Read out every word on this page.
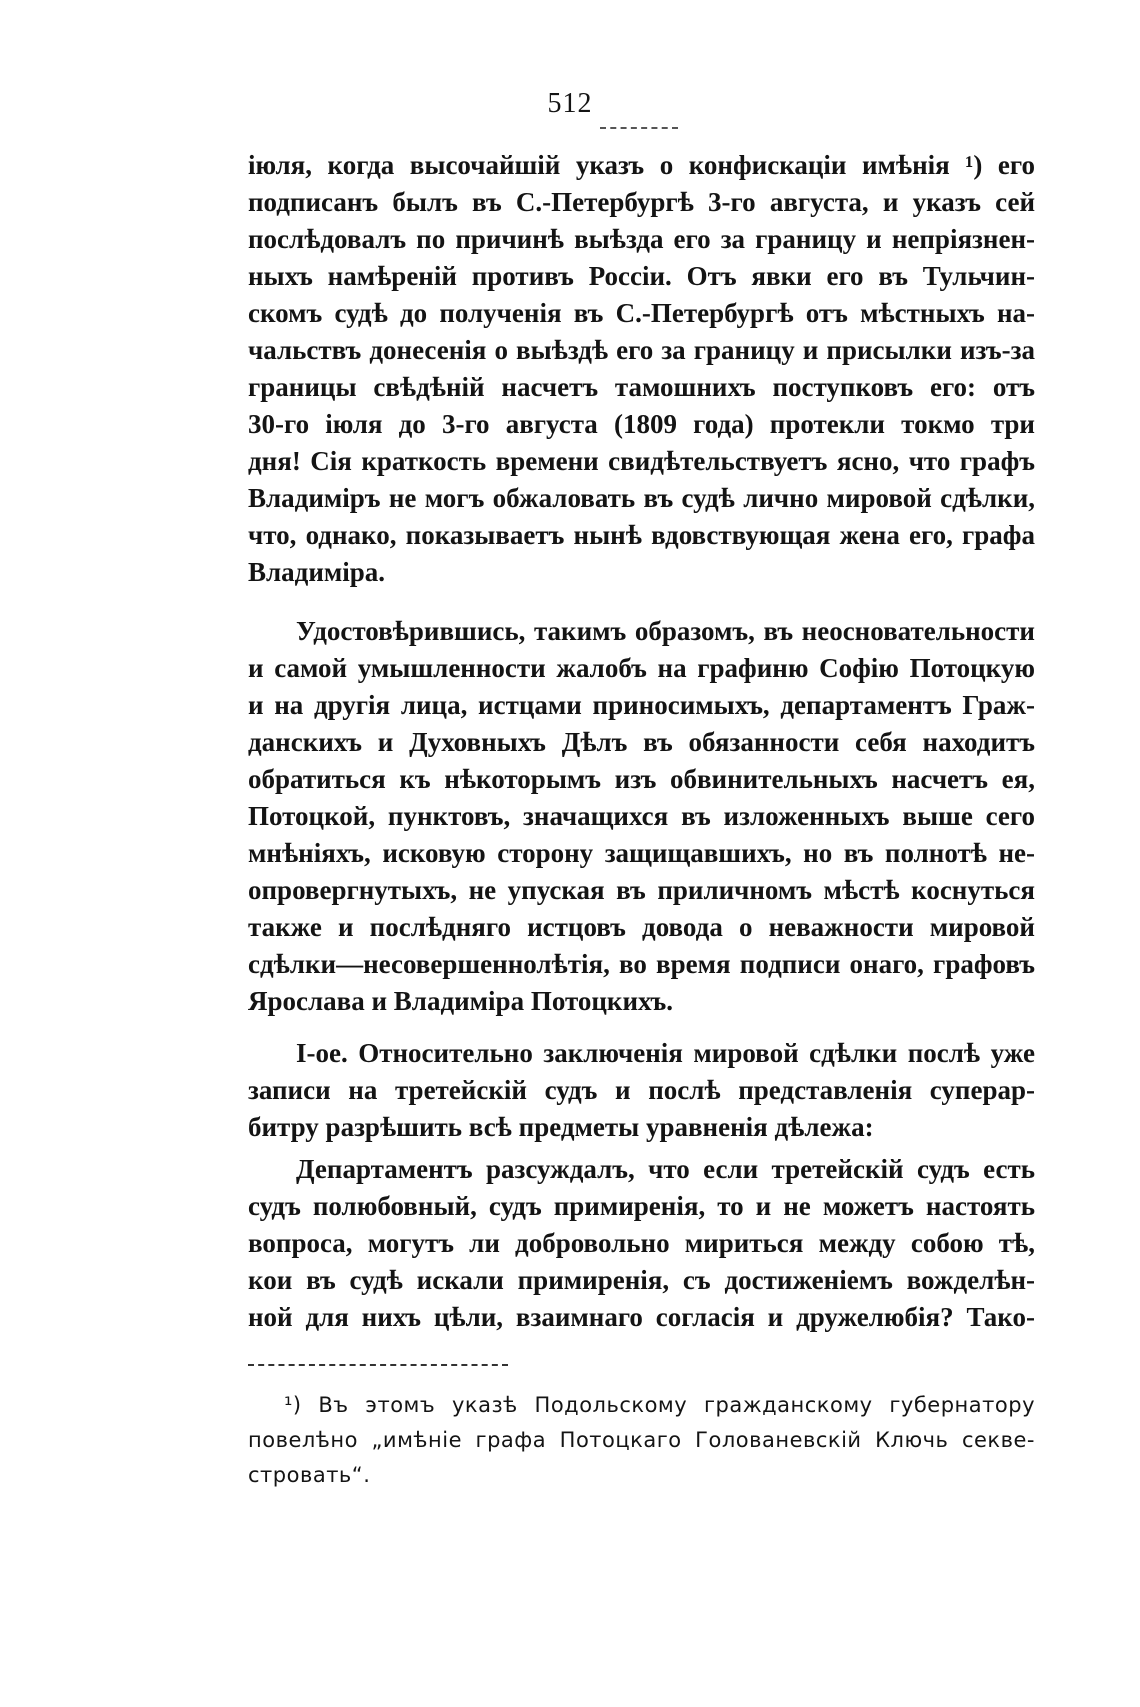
512
іюля, когда высочайшій указъ о конфискаціи имѣнія ¹) его
подписанъ былъ въ С.-Петербургѣ 3-го августа, и указъ сей
послѣдовалъ по причинѣ выѣзда его за границу и непріязнен-
ныхъ намѣреній противъ Россіи. Отъ явки его въ Тульчин-
скомъ судѣ до полученія въ С.-Петербургѣ отъ мѣстныхъ на-
чальствъ донесенія о выѣздѣ его за границу и присылки изъ-за
границы свѣдѣній насчетъ тамошнихъ поступковъ его: отъ
30-го іюля до 3-го августа (1809 года) протекли токмо три
дня! Сія краткость времени свидѣтельствуетъ ясно, что графъ
Владиміръ не могъ обжаловать въ судѣ лично мировой сдѣлки,
что, однако, показываетъ нынѣ вдовствующая жена его, графа
Владиміра.
Удостовѣрившись, такимъ образомъ, въ неосновательности
и самой умышленности жалобъ на графиню Софію Потоцкую
и на другія лица, истцами приносимыхъ, департаментъ Граж-
данскихъ и Духовныхъ Дѣлъ въ обязанности себя находитъ
обратиться къ нѣкоторымъ изъ обвинительныхъ насчетъ ея,
Потоцкой, пунктовъ, значащихся въ изложенныхъ выше сего
мнѣніяхъ, исковую сторону защищавшихъ, но въ полнотѣ не-
опровергнутыхъ, не упуская въ приличномъ мѣстѣ коснуться
также и послѣдняго истцовъ довода о неважности мировой
сдѣлки—несовершеннолѣтія, во время подписи онаго, графовъ
Ярослава и Владиміра Потоцкихъ.
І-ое. Относительно заключенія мировой сдѣлки послѣ уже
записи на третейскій судъ и послѣ представленія суперар-
битру разрѣшить всѣ предметы уравненія дѣлежа:
Департаментъ разсуждалъ, что если третейскій судъ есть
судъ полюбовный, судъ примиренія, то и не можетъ настоять
вопроса, могутъ ли добровольно мириться между собою тѣ,
кои въ судѣ искали примиренія, съ достиженіемъ вожделѣн-
ной для нихъ цѣли, взаимнаго согласія и дружелюбія? Тако-
¹) Въ этомъ указѣ Подольскому гражданскому губернатору
повелѣно „имѣніе графа Потоцкаго Голованевскій Ключь секве-
стровать“.
